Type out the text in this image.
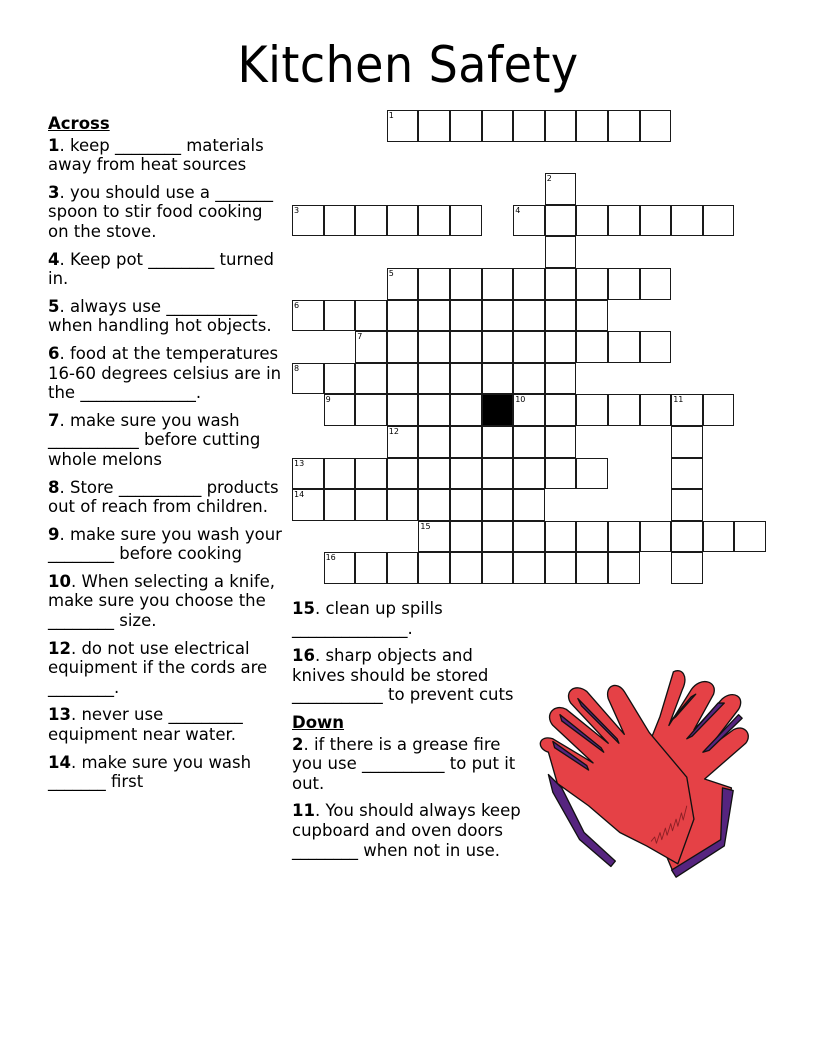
Kitchen Safety
Across
1. keep ________ materials away from heat sources
3. you should use a _______ spoon to stir food cooking on the stove.
4. Keep pot ________ turned in.
5. always use ___________ when handling hot objects.
6. food at the temperatures 16-60 degrees celsius are in the ______________.
7. make sure you wash ___________ before cutting whole melons
8. Store __________ products out of reach from children.
9. make sure you wash your ________ before cooking
10. When selecting a knife, make sure you choose the ________ size.
12. do not use electrical equipment if the cords are ________.
13. never use _________ equipment near water.
14. make sure you wash _______ first
15. clean up spills ______________.
16. sharp objects and knives should be stored ___________ to prevent cuts
Down
2. if there is a grease fire you use __________ to put it out.
11. You should always keep cupboard and oven doors ________ when not in use.
1
2
3	4
5
6
7
8
9	10	11
12
13
14
15
16
